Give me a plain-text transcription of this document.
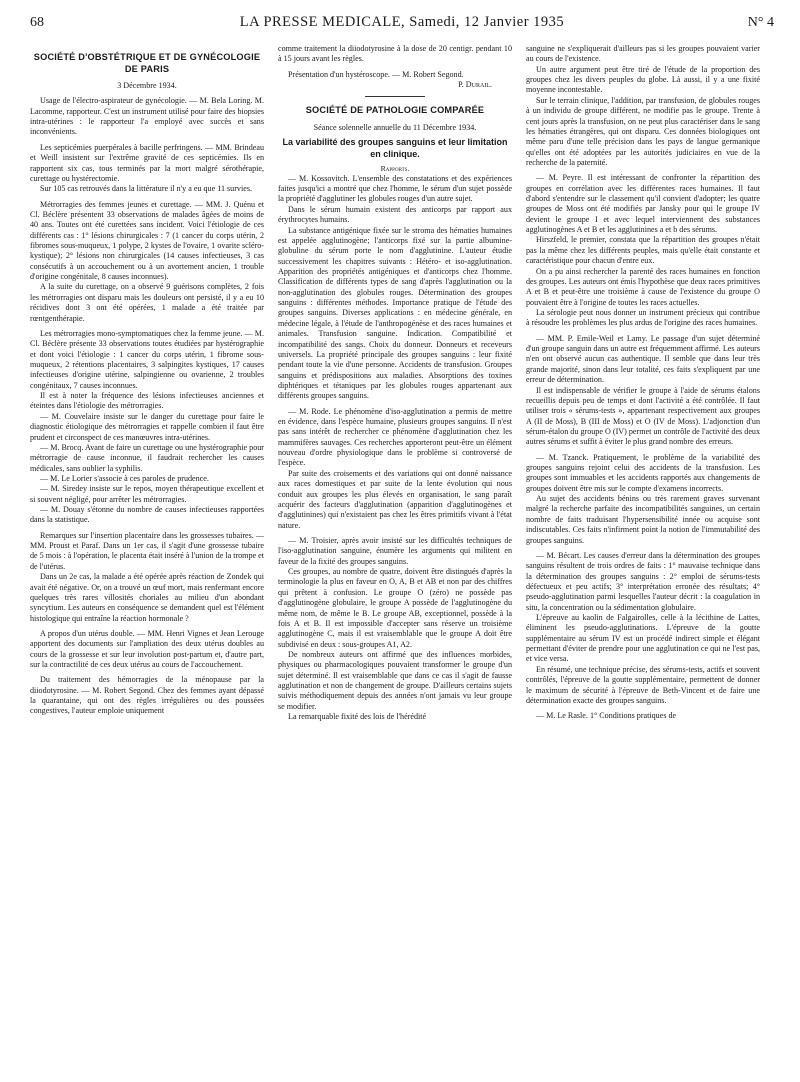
68	LA PRESSE MEDICALE, Samedi, 12 Janvier 1935	N° 4
SOCIÉTÉ D'OBSTÉTRIQUE ET DE GYNÉCOLOGIE DE PARIS

3 Décembre 1934.

Usage de l'électro-aspirateur de gynécologie. — M. Bela Loring. M. Lacomme, rapporteur. C'est un instrument utilisé pour faire des biopsies intra-utérines : le rapporteur l'a employé avec succès et sans inconvénients.

Les septicémies puerpérales à bacille perfringens. — MM. Brindeau et Weill insistent sur l'extrême gravité de ces septicémies. Ils en rapportent six cas, tous terminés par la mort malgré sérothérapie, curettage ou hystérectomie.

Sur 105 cas retrouvés dans la littérature il n'y a eu que 11 survies.

Métrorragies des femmes jeunes et curettage. — MM. J. Quénu et Cl. Béclère présentent 33 observations de malades âgées de moins de 40 ans. Toutes ont été curettées sans incident. Voici l'étiologie de ces différents cas : 1° lésions chirurgicales : 7 (1 cancer du corps utérin, 2 fibromes sous-muqueux, 1 polype, 2 kystes de l'ovaire, 1 ovarite scléro-kystique); 2° lésions non chirurgicales (14 causes infectieuses, 3 cas consécutifs à un accouchement ou à un avortement ancien, 1 trouble d'origine congénitale, 8 causes inconnues).

A la suite du curettage, on a observé 9 guérisons complètes, 2 fois les métrorragies ont disparu mais les douleurs ont persisté, il y a eu 10 récidives dont 3 ont été opérées, 1 malade a été traitée par rœntgenthérapie.

Les métrorragies mono-symptomatiques chez la femme jeune. — M. Cl. Béclère présente 33 observations toutes étudiées par hystérographie et dont voici l'étiologie : 1 cancer du corps utérin, 1 fibrome sous-muqueux, 2 rétentions placentaires, 3 salpingites kystiques, 17 causes infectieuses d'origine utérine, salpingienne ou ovarienne, 2 troubles congénitaux, 7 causes inconnues.

Il est à noter la fréquence des lésions infectieuses anciennes et éteintes dans l'étiologie des métrorragies.

— M. Couvelaire insiste sur le danger du curettage pour faire le diagnostic étiologique des métrorragies et rappelle combien il faut être prudent et circonspect de ces manœuvres intra-utérines.

— M. Brocq. Avant de faire un curettage ou une hystérographie pour métrorragie de cause inconnue, il faudrait rechercher les causes médicales, sans oublier la syphilis.

— M. Le Lorier s'associe à ces paroles de prudence.

— M. Siredey insiste sur le repos, moyen thérapeutique excellent et si souvent négligé, pour arrêter les métrorragies.

— M. Douay s'étonne du nombre de causes infectieuses rapportées dans la statistique.

Remarques sur l'insertion placentaire dans les grossesses tubaires. — MM. Proust et Paraf. Dans un 1er cas, il s'agit d'une grossesse tubaire de 5 mois : à l'opération, le placenta était inséré à l'union de la trompe et de l'utérus.

Dans un 2e cas, la malade a été opérée après réaction de Zondek qui avait été négative. Or, on a trouvé un œuf mort, mais renfermant encore quelques très rares villosités choriales au milieu d'un abondant syncytium. Les auteurs en conséquence se demandent quel est l'élément histologique qui entraîne la réaction hormonale ?

A propos d'un utérus double. — MM. Henri Vignes et Jean Lerouge apportent des documents sur l'ampliation des deux utérus doubles au cours de la grossesse et sur leur involution post-partum et, d'autre part, sur la contractilité de ces deux utérus au cours de l'accouchement.

Du traitement des hémorragies de la ménopause par la diiodotyrosine. — M. Robert Segond. Chez des femmes ayant dépassé la quarantaine, qui ont des règles irrégulières ou des poussées congestives, l'auteur emploie uniquement

comme traitement la diiodotyrosine à la dose de 20 centigr. pendant 10 à 15 jours avant les règles.

Présentation d'un hystéroscope. — M. Robert Segond.

P. Durail.

SOCIÉTÉ DE PATHOLOGIE COMPARÉE

Séance solennelle annuelle du 11 Décembre 1934.

La variabilité des groupes sanguins et leur limitation en clinique.

Rapports.

— M. Kossovitch. L'ensemble des constatations et des expériences faites jusqu'ici a montré que chez l'homme, le sérum d'un sujet possède la propriété d'agglutiner les globules rouges d'un autre sujet.

Dans le sérum humain existent des anticorps par rapport aux érythrocytes humains.

La substance antigénique fixée sur le stroma des hématies humaines est appelée agglutinogène; l'anticorps fixé sur la partie albumine-globuline du sérum porte le nom d'agglutinine. L'auteur étudie successivement les chapitres suivants : Hétéro- et iso-agglutination. Apparition des propriétés antigéniques et d'anticorps chez l'homme. Classification de différents types de sang d'après l'agglutination ou la non-agglutination des globules rouges. Détermination des groupes sanguins : différentes méthodes. Importance pratique de l'étude des groupes sanguins. Diverses applications : en médecine générale, en médecine légale, à l'étude de l'anthropogénèse et des races humaines et animales. Transfusion sanguine. Indication. Compatibilité et incompatibilité des sangs. Choix du donneur. Donneurs et receveurs universels. La propriété principale des groupes sanguins : leur fixité pendant toute la vie d'une personne. Accidents de transfusion. Groupes sanguins et prédispositions aux maladies. Absorptions des toxines diphtériques et tétaniques par les globules rouges appartenant aux différents groupes sanguins.

— M. Rode. Le phénomène d'iso-agglutination a permis de mettre en évidence, dans l'espèce humaine, plusieurs groupes sanguins. Il n'est pas sans intérêt de rechercher ce phénomène d'agglutination chez les mammifères sauvages. Ces recherches apporteront peut-être un élément nouveau d'ordre physiologique dans le problème si controversé de l'espèce.

Par suite des croisements et des variations qui ont donné naissance aux races domestiques et par suite de la lente évolution qui nous conduit aux groupes les plus élevés en organisation, le sang paraît acquérir des facteurs d'agglutination (apparition d'agglutinogènes et d'agglutinines) qui n'existaient pas chez les êtres primitifs vivant à l'état nature.

— M. Troisier, après avoir insisté sur les difficultés techniques de l'iso-agglutination sanguine, énumère les arguments qui militent en faveur de la fixité des groupes sanguins.

Ces groupes, au nombre de quatre, doivent être distingués d'après la terminologie la plus en faveur en O, A, B et AB et non par des chiffres qui prêtent à confusion. Le groupe O (zéro) ne possède pas d'agglutinogène globulaire, le groupe A possède de l'agglutinogène du même nom, de même le B. Le groupe AB, exceptionnel, possède à la fois A et B. Il est impossible d'accepter sans réserve un troisième agglutinogène C, mais il est vraisemblable que le groupe A doit être subdivisé en deux : sous-groupes A1, A2.

De nombreux auteurs ont affirmé que des influences morbides, physiques ou pharmacologiques pouvaient transformer le groupe d'un sujet déterminé. Il est vraisemblable que dans ce cas il s'agit de fausse agglutination et non de changement de groupe. D'ailleurs certains sujets suivis méthodiquement depuis des années n'ont jamais vu leur groupe se modifier.

La remarquable fixité des lois de l'hérédité

sanguine ne s'expliquerait d'ailleurs pas si les groupes pouvaient varier au cours de l'existence.

Un autre argument peut être tiré de l'étude de la proportion des groupes chez les divers peuples du globe. Là aussi, il y a une fixité moyenne incontestable.

Sur le terrain clinique, l'addition, par transfusion, de globules rouges à un individu de groupe différent, ne modifie pas le groupe. Trente à cent jours après la transfusion, on ne peut plus caractériser dans le sang les hématies étrangères, qui ont disparu. Ces données biologiques ont même paru d'une telle précision dans les pays de langue germanique qu'elles ont été adoptées par les autorités judiciaires en vue de la recherche de la paternité.

— M. Peyre. Il est intéressant de confronter la répartition des groupes en corrélation avec les différentes races humaines. Il faut d'abord s'entendre sur le classement qu'il convient d'adopter; les quatre groupes de Moss ont été modifiés par Jansky pour qui le groupe IV devient le groupe I et avec lequel interviennent des substances agglutinogènes A et B et les agglutinines a et b des sérums.

Hirszfeld, le premier, constata que la répartition des groupes n'était pas la même chez les différents peuples, mais qu'elle était constante et caractéristique pour chacun d'entre eux.

On a pu ainsi rechercher la parenté des races humaines en fonction des groupes. Les auteurs ont émis l'hypothèse que deux races primitives A et B et peut-être une troisième à cause de l'existence du groupe O pouvaient être à l'origine de toutes les races actuelles.

La sérologie peut nous donner un instrument précieux qui contribue à résoudre les problèmes les plus ardus de l'origine des races humaines.

— MM. P. Emile-Weil et Lamy. Le passage d'un sujet déterminé d'un groupe sanguin dans un autre est fréquemment affirmé. Les auteurs n'en ont observé aucun cas authentique. Il semble que dans leur très grande majorité, sinon dans leur totalité, ces faits s'expliquent par une erreur de détermination.

Il est indispensable de vérifier le groupe à l'aide de sérums étalons recueillis depuis peu de temps et dont l'activité a été contrôlée. Il faut utiliser trois « sérums-tests », appartenant respectivement aux groupes A (II de Moss), B (III de Moss) et O (IV de Moss). L'adjonction d'un sérum-étalon du groupe O (IV) permet un contrôle de l'activité des deux autres sérums et suffit à éviter le plus grand nombre des erreurs.

— M. Tzanck. Pratiquement, le problème de la variabilité des groupes sanguins rejoint celui des accidents de la transfusion. Les groupes sont immuables et les accidents rapportés aux changements de groupes doivent être mis sur le compte d'examens incorrects.

Au sujet des accidents bénins ou très rarement graves survenant malgré la recherche parfaite des incompatibilités sanguines, un certain nombre de faits traduisant l'hypersensibilité innée ou acquise sont indiscutables. Ces faits n'infirment point la notion de l'immutabilité des groupes sanguins.

— M. Bécart. Les causes d'erreur dans la détermination des groupes sanguins résultent de trois ordres de faits : 1° mauvaise technique dans la détermination des groupes sanguins : 2° emploi de sérums-tests défectueux et peu actifs; 3° interprétation erronée des résultats; 4° pseudo-agglutination parmi lesquelles l'auteur décrit : la coagulation in situ, la concentration ou la sédimentation globulaire.

L'épreuve au kaolin de Falgairolles, celle à la lécithine de Lattes, éliminent les pseudo-agglutinations. L'épreuve de la goutte supplémentaire au sérum IV est un procédé indirect simple et élégant permettant d'éviter de prendre pour une agglutination ce qui ne l'est pas, et vice versa.

En résumé, une technique précise, des sérums-tests, actifs et souvent contrôlés, l'épreuve de la goutte supplémentaire, permettent de donner le maximum de sécurité à l'épreuve de Beth-Vincent et de faire une détermination exacte des groupes sanguins.

— M. Le Rasle. 1° Conditions pratiques de
